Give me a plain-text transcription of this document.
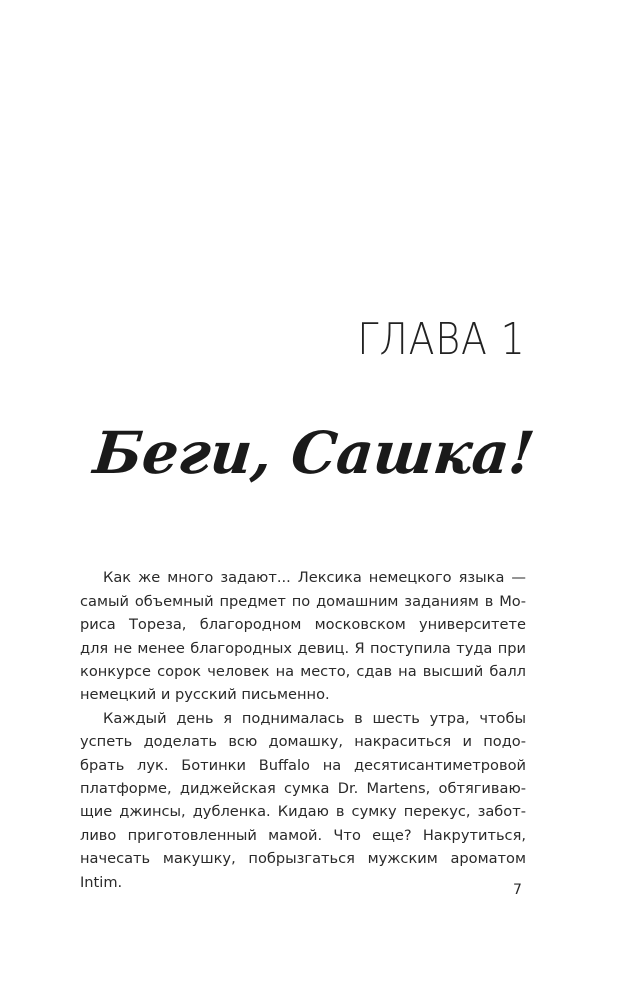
ГЛАВА 1
Беги, Сашка!

Как же много задают... Лексика немецкого языка —
самый объемный предмет по домашним заданиям в Мо-
риса Тореза, благородном московском университете
для не менее благородных девиц. Я поступила туда при
конкурсе сорок человек на место, сдав на высший балл
немецкий и русский письменно.

Каждый день я поднималась в шесть утра, чтобы
успеть доделать всю домашку, накраситься и подо-
брать лук. Ботинки Buffalo на десятисантиметровой
платформе, диджейская сумка Dr. Martens, обтягиваю-
щие джинсы, дубленка. Кидаю в сумку перекус, забот-
ливо приготовленный мамой. Что еще? Накрутиться,
начесать макушку, побрызгаться мужским ароматом
Intim.	7
